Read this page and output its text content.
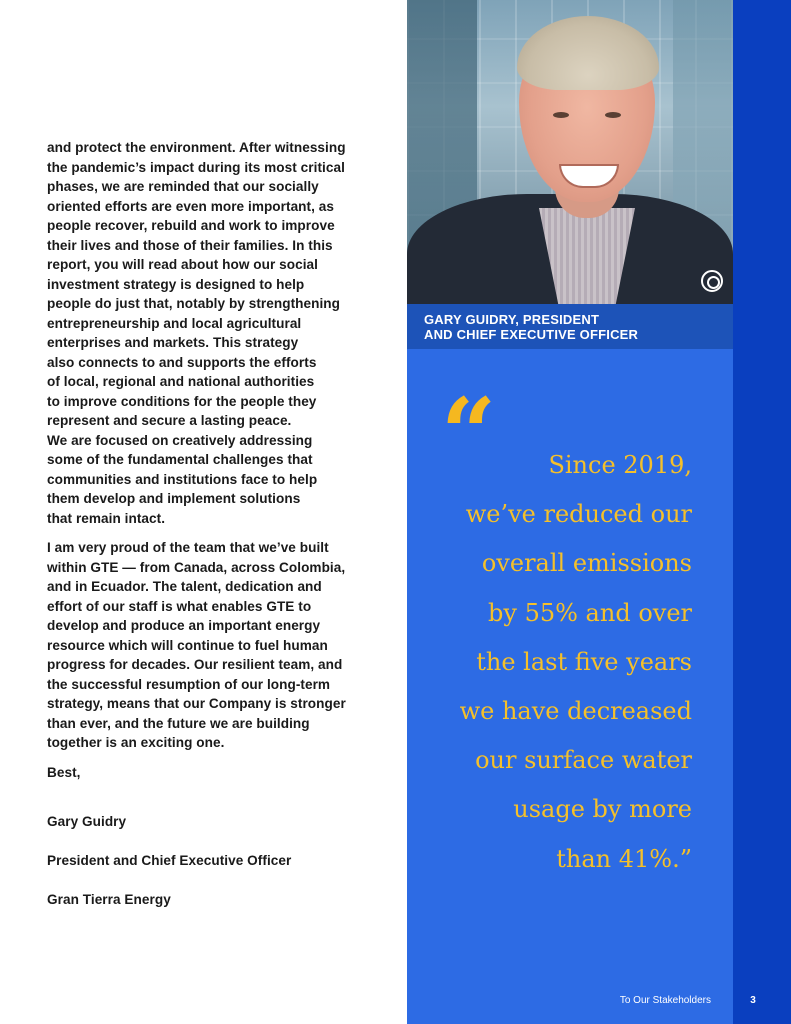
and protect the environment. After witnessing
the pandemic’s impact during its most critical
phases, we are reminded that our socially
oriented efforts are even more important, as
people recover, rebuild and work to improve
their lives and those of their families. In this
report, you will read about how our social
investment strategy is designed to help
people do just that, notably by strengthening
entrepreneurship and local agricultural
enterprises and markets. This strategy
also connects to and supports the efforts
of local, regional and national authorities
to improve conditions for the people they
represent and secure a lasting peace.
We are focused on creatively addressing
some of the fundamental challenges that
communities and institutions face to help
them develop and implement solutions
that remain intact.

I am very proud of the team that we’ve built
within GTE — from Canada, across Colombia,
and in Ecuador. The talent, dedication and
effort of our staff is what enables GTE to
develop and produce an important energy
resource which will continue to fuel human
progress for decades. Our resilient team, and
the successful resumption of our long-term
strategy, means that our Company is stronger
than ever, and the future we are building
together is an exciting one.

Best,

Gary Guidry

President and Chief Executive Officer

Gran Tierra Energy

GARY GUIDRY, PRESIDENT
AND CHIEF EXECUTIVE OFFICER
“	Since 2019,
we’ve reduced our
overall emissions
by 55% and over
the last five years
we have decreased
our surface water
usage by more
than 41%.”
To Our Stakeholders	3
